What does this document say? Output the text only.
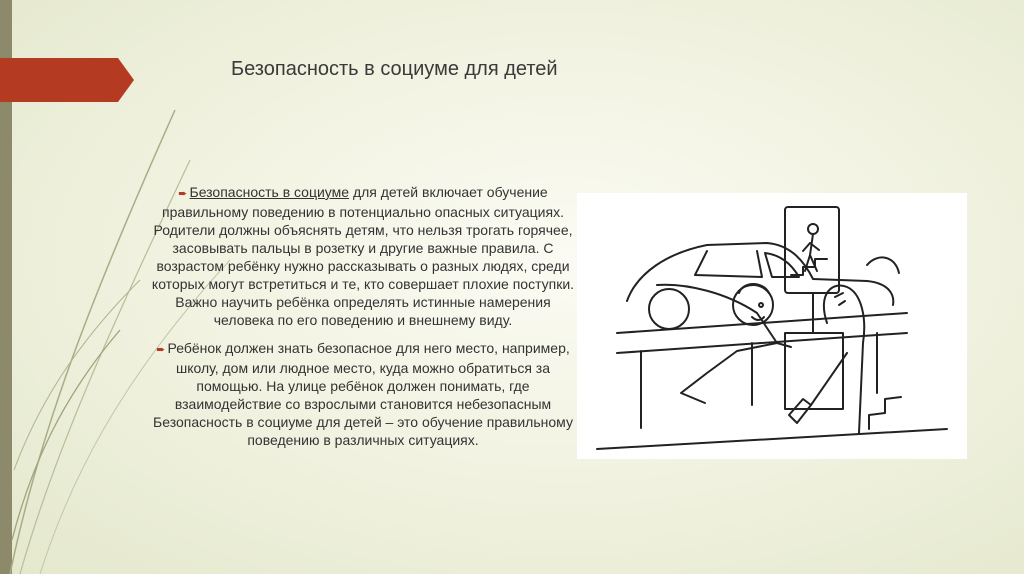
Безопасность в социуме для детей

➨ Безопасность в социуме для детей включает обучение правильному поведению в потенциально опасных ситуациях. Родители должны объяснять детям, что нельзя трогать горячее, засовывать пальцы в розетку и другие важные правила. С возрастом ребёнку нужно рассказывать о разных людях, среди которых могут встретиться и те, кто совершает плохие поступки. Важно научить ребёнка определять истинные намерения человека по его поведению и внешнему виду.

➨ Ребёнок должен знать безопасное для него место, например, школу, дом или людное место, куда можно обратиться за помощью. На улице ребёнок должен понимать, где взаимодействие со взрослыми становится небезопасным Безопасность в социуме для детей – это обучение правильному поведению в различных ситуациях.
